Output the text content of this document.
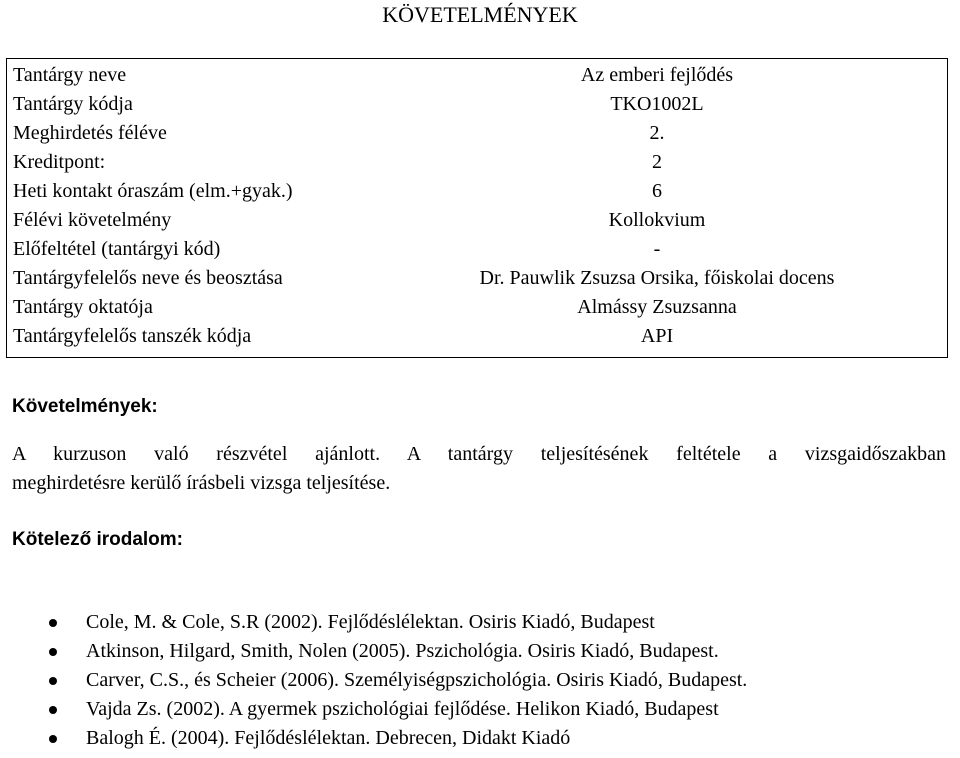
KÖVETELMÉNYEK
Tantárgy neve	Az emberi fejlődés
Tantárgy kódja	TKO1002L
Meghirdetés féléve	2.
Kreditpont:	2
Heti kontakt óraszám (elm.+gyak.)	6
Félévi követelmény	Kollokvium
Előfeltétel (tantárgyi kód)	-
Tantárgyfelelős neve és beosztása	Dr. Pauwlik Zsuzsa Orsika, főiskolai docens
Tantárgy oktatója	Almássy Zsuzsanna
Tantárgyfelelős tanszék kódja	API
Követelmények:
A kurzuson való részvétel ajánlott. A tantárgy teljesítésének feltétele a vizsgaidőszakban
meghirdetésre kerülő írásbeli vizsga teljesítése.
Kötelező irodalom:
Cole, M. & Cole, S.R (2002). Fejlődéslélektan. Osiris Kiadó, Budapest
Atkinson, Hilgard, Smith, Nolen (2005). Pszichológia. Osiris Kiadó, Budapest.
Carver, C.S., és Scheier (2006). Személyiségpszichológia. Osiris Kiadó, Budapest.
Vajda Zs. (2002). A gyermek pszichológiai fejlődése. Helikon Kiadó, Budapest
Balogh É. (2004). Fejlődéslélektan. Debrecen, Didakt Kiadó
